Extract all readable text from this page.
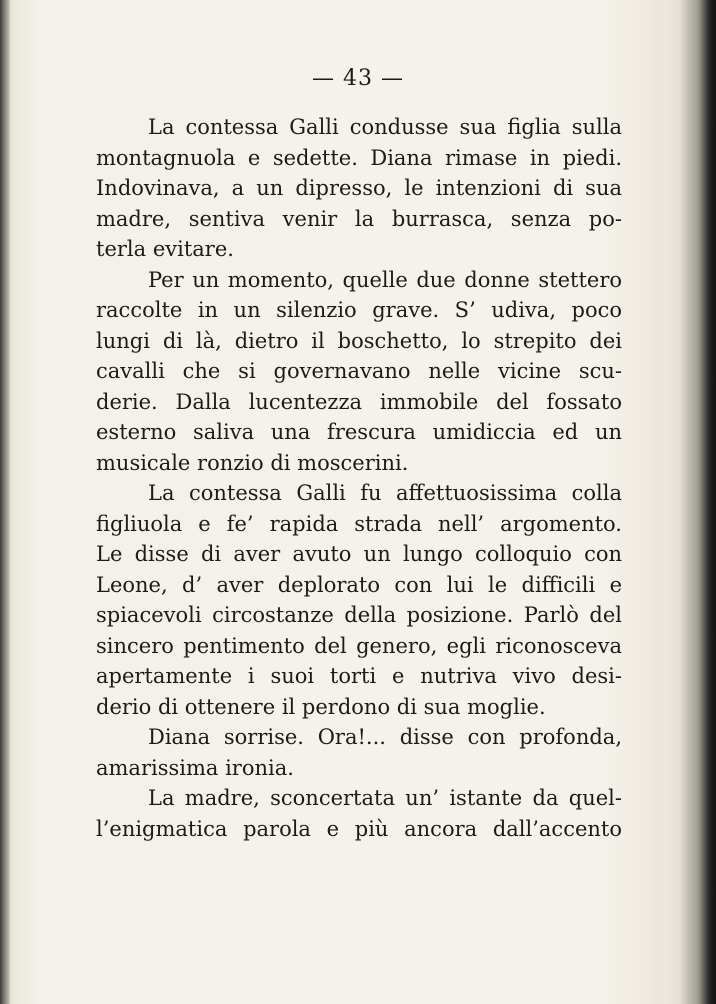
— 43 —

La contessa Galli condusse sua figlia sulla
montagnuola e sedette. Diana rimase in piedi.
Indovinava, a un dipresso, le intenzioni di sua
madre, sentiva venir la burrasca, senza po-
terla evitare.

Per un momento, quelle due donne stettero
raccolte in un silenzio grave. S’ udiva, poco
lungi di là, dietro il boschetto, lo strepito dei
cavalli che si governavano nelle vicine scu-
derie. Dalla lucentezza immobile del fossato
esterno saliva una frescura umidiccia ed un
musicale ronzio di moscerini.

La contessa Galli fu affettuosissima colla
figliuola e fe’ rapida strada nell’ argomento.
Le disse di aver avuto un lungo colloquio con
Leone, d’ aver deplorato con lui le difficili e
spiacevoli circostanze della posizione. Parlò del
sincero pentimento del genero, egli riconosceva
apertamente i suoi torti e nutriva vivo desi-
derio di ottenere il perdono di sua moglie.

Diana sorrise. Ora!... disse con profonda,
amarissima ironia.

La madre, sconcertata un’ istante da quel-
l’enigmatica parola e più ancora dall’accento
